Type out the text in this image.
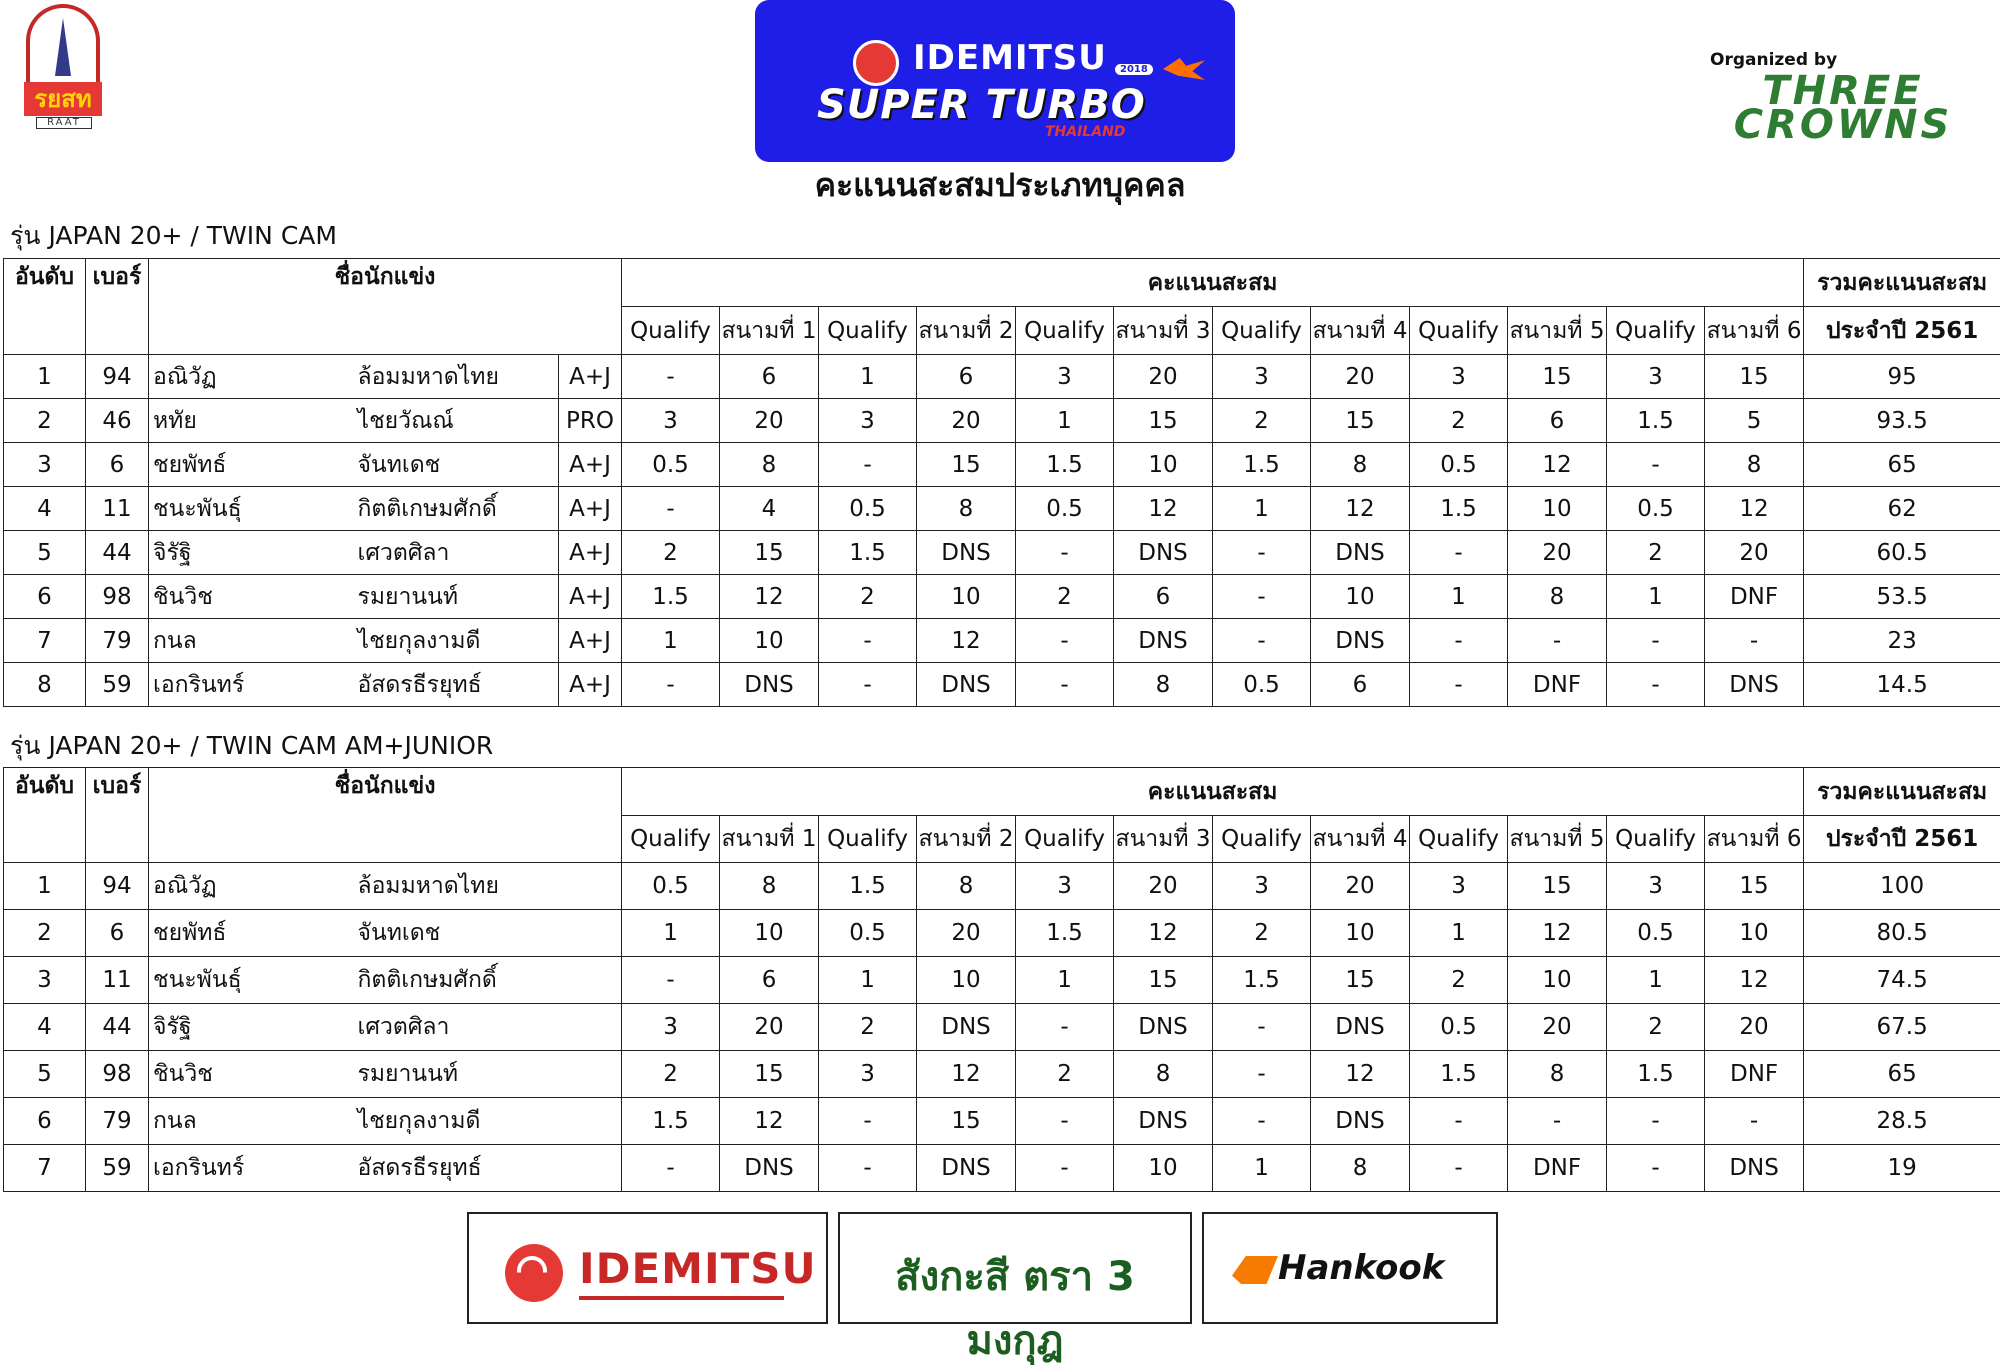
รยสท
RAAT
IDEMITSU	2018
SUPER TURBO
THAILAND
Organized by
THREE
CROWNS
คะแนนสะสมประเภทบุคคล
รุ่น JAPAN 20+ / TWIN CAM
อันดับ	เบอร์	ชื่อนักแข่ง			คะแนนสะสม												รวมคะแนนสะสม
					Qualify	สนามที่ 1	Qualify	สนามที่ 2	Qualify	สนามที่ 3	Qualify	สนามที่ 4	Qualify	สนามที่ 5	Qualify	สนามที่ 6	ประจำปี 2561
1	94	อณิวัฏ	ล้อมมหาดไทย	A+J	-	6	1	6	3	20	3	20	3	15	3	15	95
2	46	หทัย	ไชยวัณณ์	PRO	3	20	3	20	1	15	2	15	2	6	1.5	5	93.5
3	6	ชยพัทธ์	จันทเดช	A+J	0.5	8	-	15	1.5	10	1.5	8	0.5	12	-	8	65
4	11	ชนะพันธุ์	กิตติเกษมศักดิ์	A+J	-	4	0.5	8	0.5	12	1	12	1.5	10	0.5	12	62
5	44	จิรัฐิ	เศวตศิลา	A+J	2	15	1.5	DNS	-	DNS	-	DNS	-	20	2	20	60.5
6	98	ชินวิช	รมยานนท์	A+J	1.5	12	2	10	2	6	-	10	1	8	1	DNF	53.5
7	79	กนล	ไชยกุลงามดี	A+J	1	10	-	12	-	DNS	-	DNS	-	-	-	-	23
8	59	เอกรินทร์	อัสดรธีรยุทธ์	A+J	-	DNS	-	DNS	-	8	0.5	6	-	DNF	-	DNS	14.5
รุ่น JAPAN 20+ / TWIN CAM AM+JUNIOR
อันดับ	เบอร์	ชื่อนักแข่ง		คะแนนสะสม												รวมคะแนนสะสม
				Qualify	สนามที่ 1	Qualify	สนามที่ 2	Qualify	สนามที่ 3	Qualify	สนามที่ 4	Qualify	สนามที่ 5	Qualify	สนามที่ 6	ประจำปี 2561
1	94	อณิวัฏ	ล้อมมหาดไทย	0.5	8	1.5	8	3	20	3	20	3	15	3	15	100
2	6	ชยพัทธ์	จันทเดช	1	10	0.5	20	1.5	12	2	10	1	12	0.5	10	80.5
3	11	ชนะพันธุ์	กิตติเกษมศักดิ์	-	6	1	10	1	15	1.5	15	2	10	1	12	74.5
4	44	จิรัฐิ	เศวตศิลา	3	20	2	DNS	-	DNS	-	DNS	0.5	20	2	20	67.5
5	98	ชินวิช	รมยานนท์	2	15	3	12	2	8	-	12	1.5	8	1.5	DNF	65
6	79	กนล	ไชยกุลงามดี	1.5	12	-	15	-	DNS	-	DNS	-	-	-	-	28.5
7	59	เอกรินทร์	อัสดรธีรยุทธ์	-	DNS	-	DNS	-	10	1	8	-	DNF	-	DNS	19
IDEMITSU	สังกะสี ตรา 3 มงกุฎ
Hankook
